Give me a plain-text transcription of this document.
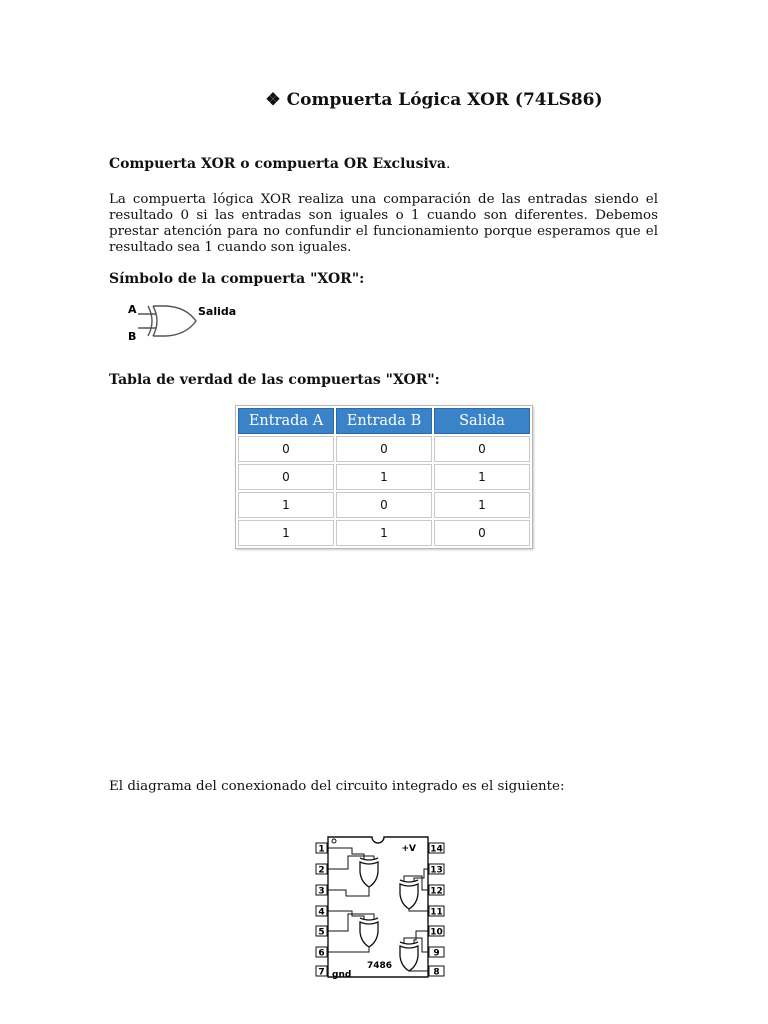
❖ Compuerta Lógica XOR (74LS86)
Compuerta XOR o compuerta OR Exclusiva.
La compuerta lógica XOR realiza una comparación de las entradas siendo el resultado 0 si las entradas son iguales o 1 cuando son diferentes. Debemos prestar atención para no confundir el funcionamiento porque esperamos que el resultado sea 1 cuando son iguales.
Símbolo de la compuerta "XOR":
A
B
Salida
Tabla de verdad de las compuertas "XOR":
Entrada A	Entrada B	Salida
0	0	0
0	1	1
1	0	1
1	1	0
El diagrama del conexionado del circuito integrado es el siguiente:
+V
gnd
7486
1
2
3
4
5
6
7
14
13
12
11
10
9
8
